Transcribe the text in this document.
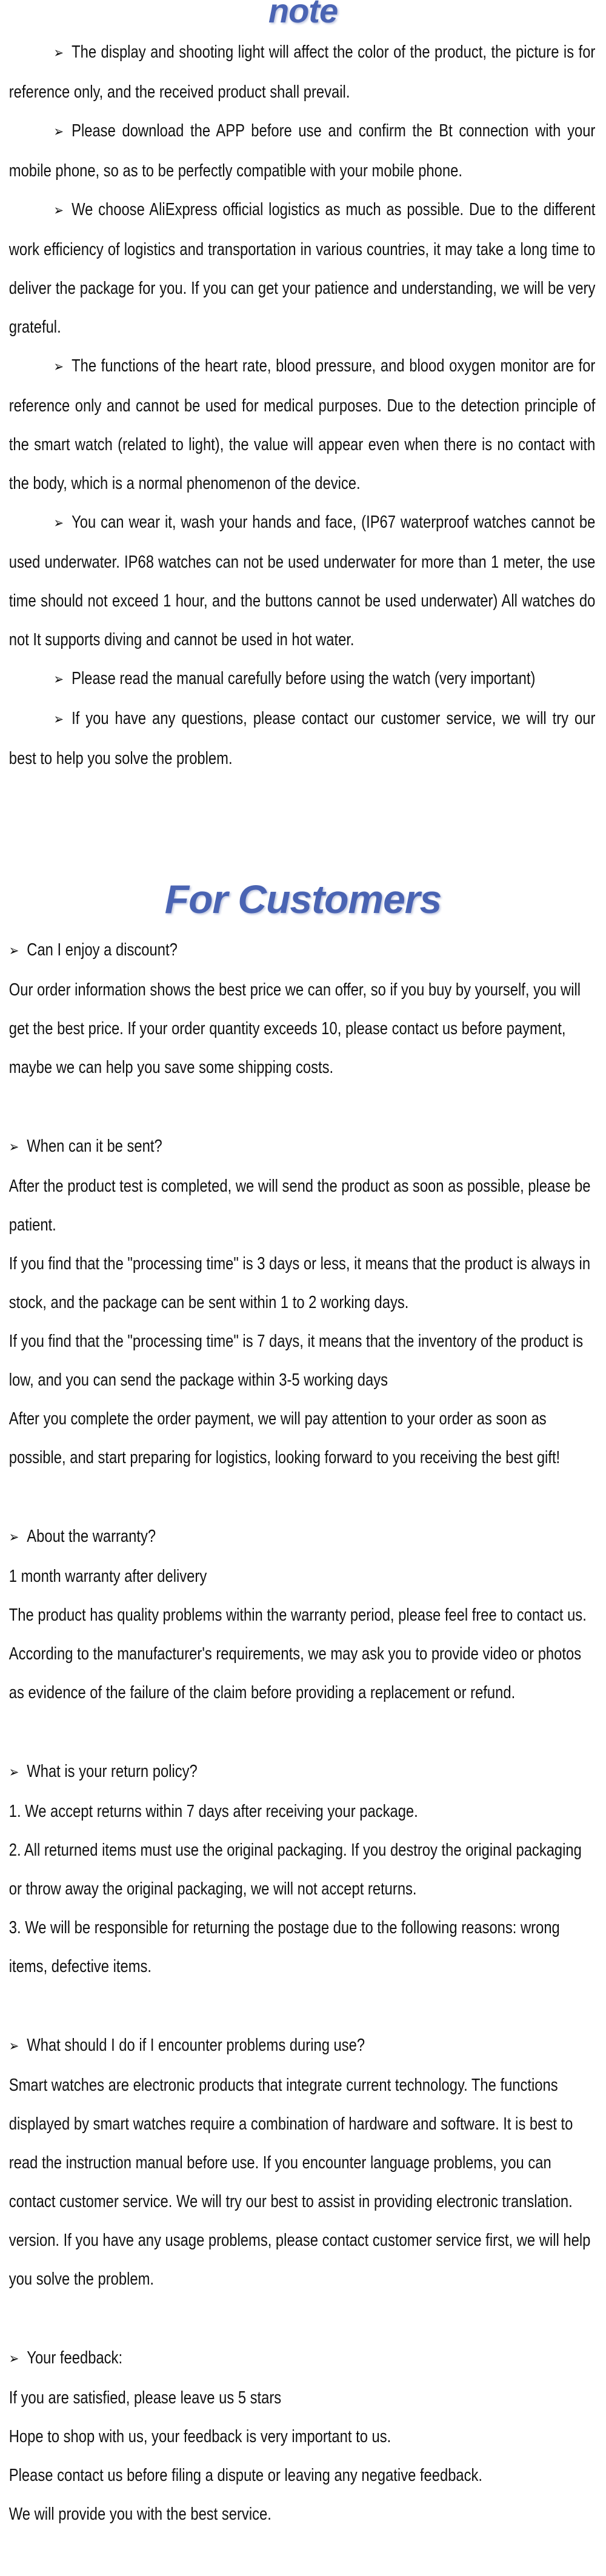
note

➢ The display and shooting light will affect the color of the product, the picture is for reference only, and the received product shall prevail.

➢ Please download the APP before use and confirm the Bt connection with your mobile phone, so as to be perfectly compatible with your mobile phone.

➢ We choose AliExpress official logistics as much as possible. Due to the different work efficiency of logistics and transportation in various countries, it may take a long time to deliver the package for you. If you can get your patience and understanding, we will be very grateful.

➢ The functions of the heart rate, blood pressure, and blood oxygen monitor are for reference only and cannot be used for medical purposes. Due to the detection principle of the smart watch (related to light), the value will appear even when there is no contact with the body, which is a normal phenomenon of the device.

➢ You can wear it, wash your hands and face, (IP67 waterproof watches cannot be used underwater. IP68 watches can not be used underwater for more than 1 meter, the use time should not exceed 1 hour, and the buttons cannot be used underwater) All watches do not It supports diving and cannot be used in hot water.

➢ Please read the manual carefully before using the watch (very important)

➢ If you have any questions, please contact our customer service, we will try our best to help you solve the problem.

For Customers

➢ Can I enjoy a discount?

Our order information shows the best price we can offer, so if you buy by yourself, you will get the best price. If your order quantity exceeds 10, please contact us before payment, maybe we can help you save some shipping costs.

➢ When can it be sent?

After the product test is completed, we will send the product as soon as possible, please be patient.

If you find that the "processing time" is 3 days or less, it means that the product is always in stock, and the package can be sent within 1 to 2 working days.

If you find that the "processing time" is 7 days, it means that the inventory of the product is low, and you can send the package within 3-5 working days

After you complete the order payment, we will pay attention to your order as soon as possible, and start preparing for logistics, looking forward to you receiving the best gift!

➢ About the warranty?

1 month warranty after delivery

The product has quality problems within the warranty period, please feel free to contact us.

According to the manufacturer's requirements, we may ask you to provide video or photos as evidence of the failure of the claim before providing a replacement or refund.

➢ What is your return policy?

1. We accept returns within 7 days after receiving your package.

2. All returned items must use the original packaging. If you destroy the original packaging or throw away the original packaging, we will not accept returns.

3. We will be responsible for returning the postage due to the following reasons: wrong items, defective items.

➢ What should I do if I encounter problems during use?

Smart watches are electronic products that integrate current technology. The functions displayed by smart watches require a combination of hardware and software. It is best to read the instruction manual before use. If you encounter language problems, you can contact customer service. We will try our best to assist in providing electronic translation. version. If you have any usage problems, please contact customer service first, we will help you solve the problem.

➢ Your feedback:

If you are satisfied, please leave us 5 stars

Hope to shop with us, your feedback is very important to us.

Please contact us before filing a dispute or leaving any negative feedback.

We will provide you with the best service.
